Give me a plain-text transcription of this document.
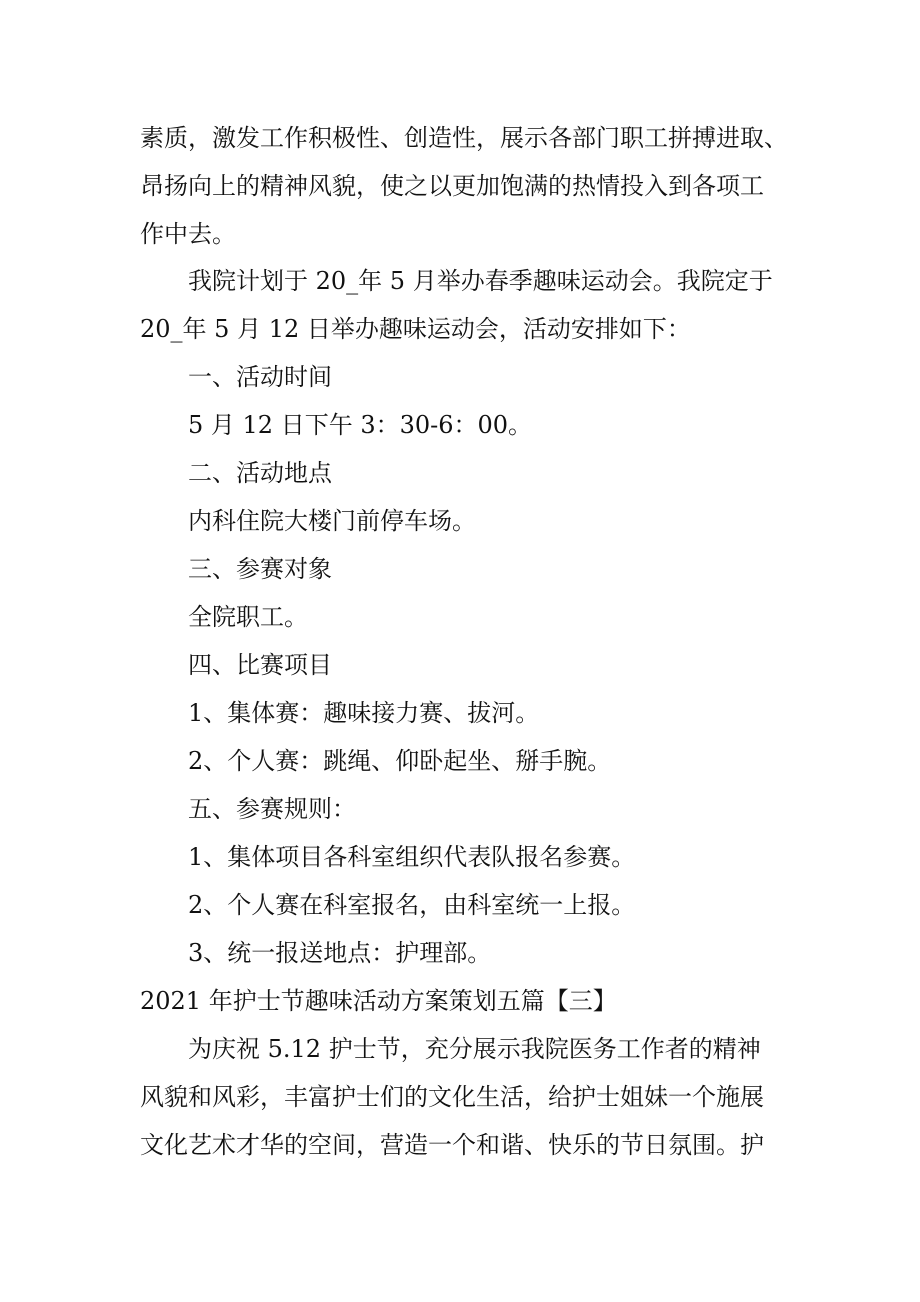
素质，激发工作积极性、创造性，展示各部门职工拼搏进取、
昂扬向上的精神风貌，使之以更加饱满的热情投入到各项工
作中去。
我院计划于 20_年 5 月举办春季趣味运动会。我院定于
20_年 5 月 12 日举办趣味运动会，活动安排如下：
一、活动时间
5 月 12 日下午 3：30-6：00。
二、活动地点
内科住院大楼门前停车场。
三、参赛对象
全院职工。
四、比赛项目
1、集体赛：趣味接力赛、拔河。
2、个人赛：跳绳、仰卧起坐、掰手腕。
五、参赛规则：
1、集体项目各科室组织代表队报名参赛。
2、个人赛在科室报名，由科室统一上报。
3、统一报送地点：护理部。
2021 年护士节趣味活动方案策划五篇【三】
为庆祝 5.12 护士节，充分展示我院医务工作者的精神
风貌和风彩，丰富护士们的文化生活，给护士姐妹一个施展
文化艺术才华的空间，营造一个和谐、快乐的节日氛围。护
